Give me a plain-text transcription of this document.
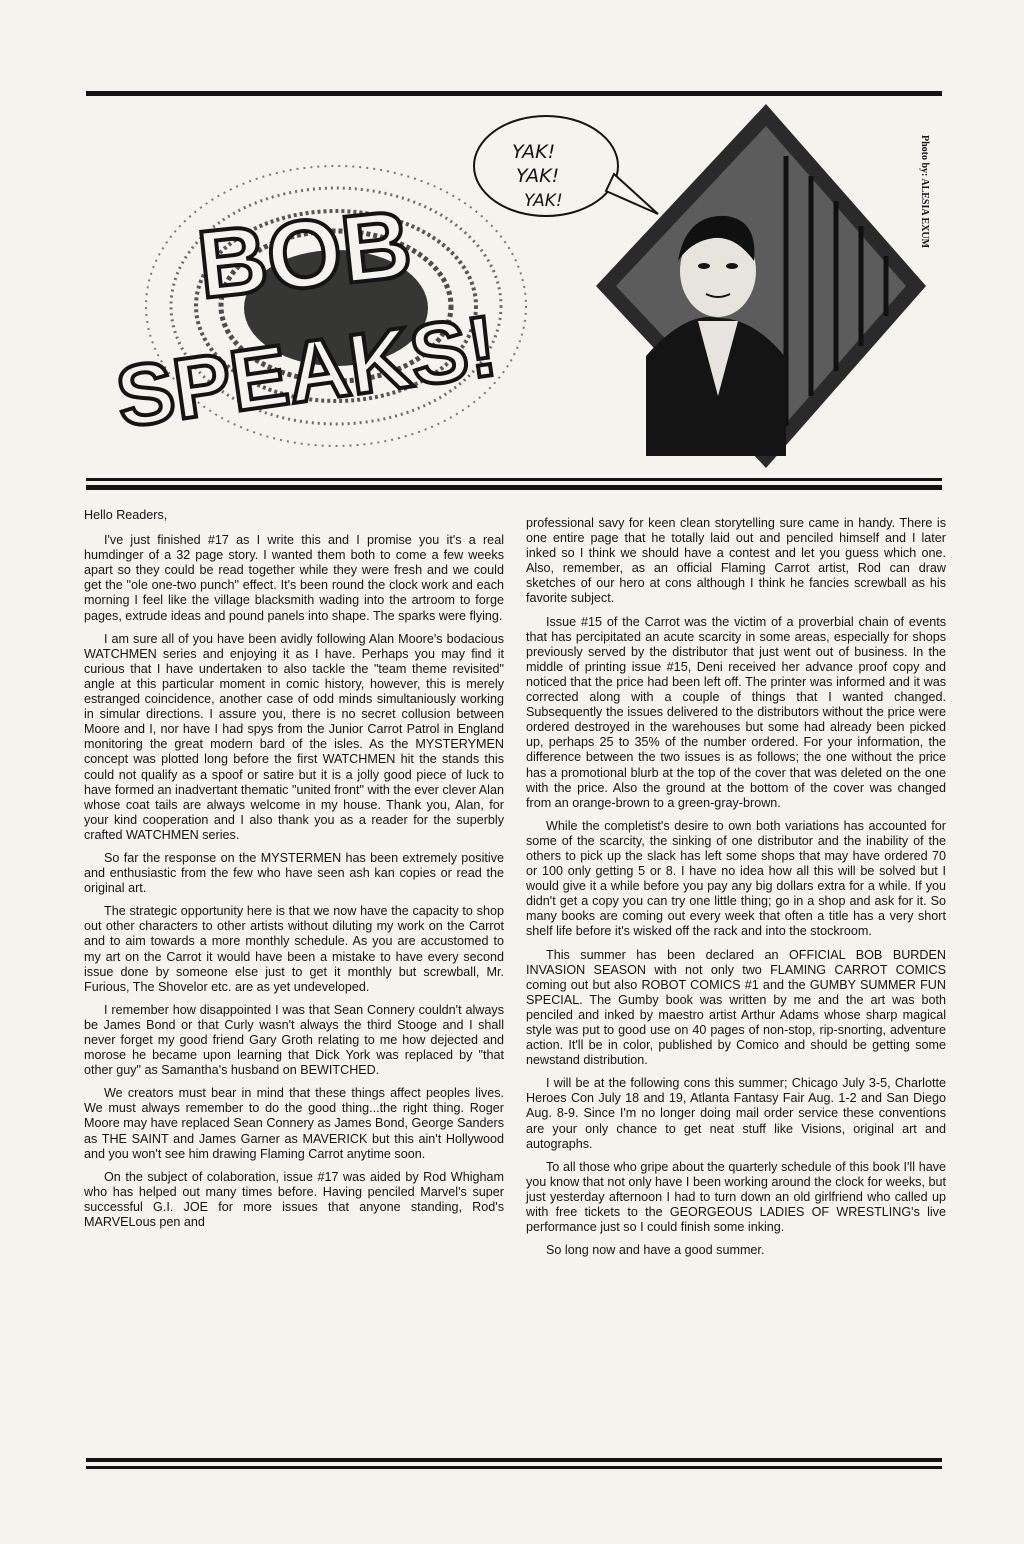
BOB
SPEAKS!
YAK!
YAK!
YAK!	Photo by: ALESIA EXUM

Hello Readers,

I've just finished #17 as I write this and I promise you it's a real humdinger of a 32 page story. I wanted them both to come a few weeks apart so they could be read together while they were fresh and we could get the "ole one-two punch" effect. It's been round the clock work and each morning I feel like the village blacksmith wading into the artroom to forge pages, extrude ideas and pound panels into shape. The sparks were flying.

I am sure all of you have been avidly following Alan Moore's bodacious WATCHMEN series and enjoying it as I have. Perhaps you may find it curious that I have undertaken to also tackle the "team theme revisited" angle at this particular moment in comic history, however, this is merely estranged coincidence, another case of odd minds simultaniously working in simular directions. I assure you, there is no secret collusion between Moore and I, nor have I had spys from the Junior Carrot Patrol in England monitoring the great modern bard of the isles. As the MYSTERYMEN concept was plotted long before the first WATCHMEN hit the stands this could not qualify as a spoof or satire but it is a jolly good piece of luck to have formed an inadvertant thematic "united front" with the ever clever Alan whose coat tails are always welcome in my house. Thank you, Alan, for your kind cooperation and I also thank you as a reader for the superbly crafted WATCHMEN series.

So far the response on the MYSTERMEN has been extremely positive and enthusiastic from the few who have seen ash kan copies or read the original art.

The strategic opportunity here is that we now have the capacity to shop out other characters to other artists without diluting my work on the Carrot and to aim towards a more monthly schedule. As you are accustomed to my art on the Carrot it would have been a mistake to have every second issue done by someone else just to get it monthly but screwball, Mr. Furious, The Shovelor etc. are as yet undeveloped.

I remember how disappointed I was that Sean Connery couldn't always be James Bond or that Curly wasn't always the third Stooge and I shall never forget my good friend Gary Groth relating to me how dejected and morose he became upon learning that Dick York was replaced by "that other guy" as Samantha's husband on BEWITCHED.

We creators must bear in mind that these things affect peoples lives. We must always remember to do the good thing...the right thing. Roger Moore may have replaced Sean Connery as James Bond, George Sanders as THE SAINT and James Garner as MAVERICK but this ain't Hollywood and you won't see him drawing Flaming Carrot anytime soon.

On the subject of colaboration, issue #17 was aided by Rod Whigham who has helped out many times before. Having penciled Marvel's super successful G.I. JOE for more issues that anyone standing, Rod's MARVELous pen and

professional savy for keen clean storytelling sure came in handy. There is one entire page that he totally laid out and penciled himself and I later inked so I think we should have a contest and let you guess which one. Also, remember, as an official Flaming Carrot artist, Rod can draw sketches of our hero at cons although I think he fancies screwball as his favorite subject.

Issue #15 of the Carrot was the victim of a proverbial chain of events that has percipitated an acute scarcity in some areas, especially for shops previously served by the distributor that just went out of business. In the middle of printing issue #15, Deni received her advance proof copy and noticed that the price had been left off. The printer was informed and it was corrected along with a couple of things that I wanted changed. Subsequently the issues delivered to the distributors without the price were ordered destroyed in the warehouses but some had already been picked up, perhaps 25 to 35% of the number ordered. For your information, the difference between the two issues is as follows; the one without the price has a promotional blurb at the top of the cover that was deleted on the one with the price. Also the ground at the bottom of the cover was changed from an orange-brown to a green-gray-brown.

While the completist's desire to own both variations has accounted for some of the scarcity, the sinking of one distributor and the inability of the others to pick up the slack has left some shops that may have ordered 70 or 100 only getting 5 or 8. I have no idea how all this will be solved but I would give it a while before you pay any big dollars extra for a while. If you didn't get a copy you can try one little thing; go in a shop and ask for it. So many books are coming out every week that often a title has a very short shelf life before it's wisked off the rack and into the stockroom.

This summer has been declared an OFFICIAL BOB BURDEN INVASION SEASON with not only two FLAMING CARROT COMICS coming out but also ROBOT COMICS #1 and the GUMBY SUMMER FUN SPECIAL. The Gumby book was written by me and the art was both penciled and inked by maestro artist Arthur Adams whose sharp magical style was put to good use on 40 pages of non-stop, rip-snorting, adventure action. It'll be in color, published by Comico and should be getting some newstand distribution.

I will be at the following cons this summer; Chicago July 3-5, Charlotte Heroes Con July 18 and 19, Atlanta Fantasy Fair Aug. 1-2 and San Diego Aug. 8-9. Since I'm no longer doing mail order service these conventions are your only chance to get neat stuff like Visions, original art and autographs.

To all those who gripe about the quarterly schedule of this book I'll have you know that not only have I been working around the clock for weeks, but just yesterday afternoon I had to turn down an old girlfriend who called up with free tickets to the GEORGEOUS LADIES OF WRESTLING's live performance just so I could finish some inking.

So long now and have a good summer.
